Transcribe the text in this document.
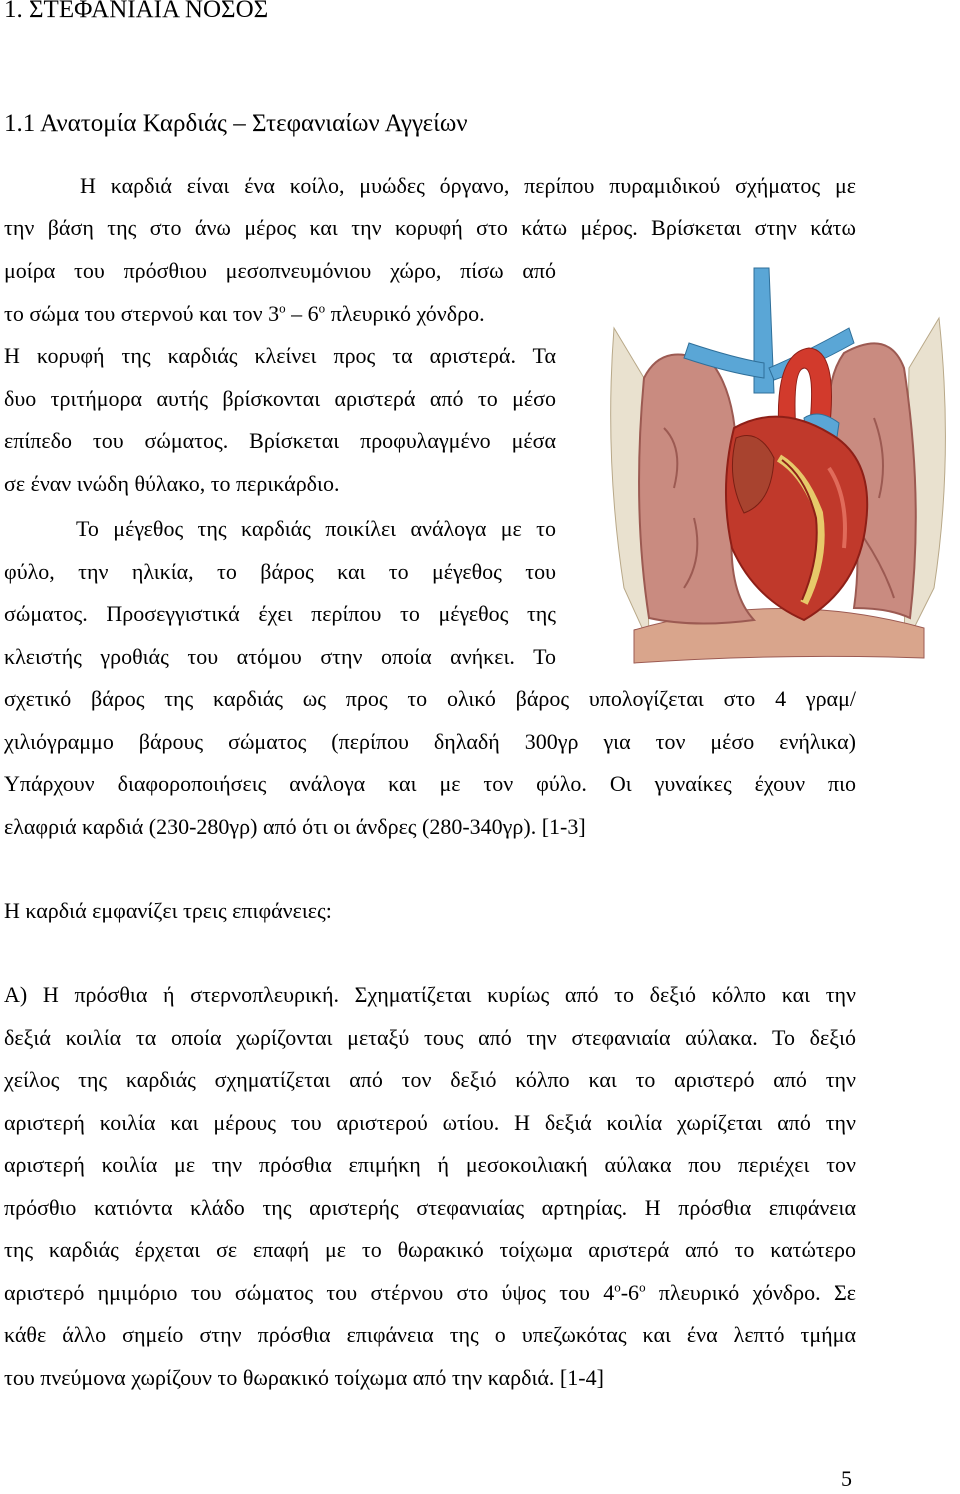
1. ΣΤΕΦΑΝΙΑΙΑ ΝΟΣΟΣ
1.1 Ανατομία Καρδιάς – Στεφανιαίων Αγγείων
Η καρδιά είναι ένα κοίλο, μυώδες όργανο, περίπου πυραμιδικού σχήματος με
την βάση της στο άνω μέρος και την κορυφή στο κάτω μέρος. Βρίσκεται στην κάτω
μοίρα του πρόσθιου μεσοπνευμόνιου χώρο, πίσω από
το σώμα του στερνού και τον $3^o - 6^o$ πλευρικό χόνδρο.
Η κορυφή της καρδιάς κλείνει προς τα αριστερά. Τα
δυο τριτήμορα αυτής βρίσκονται αριστερά από το μέσο
επίπεδο του σώματος. Βρίσκεται προφυλαγμένο μέσα
σε έναν ινώδη θύλακο, το περικάρδιο.
Το μέγεθος της καρδιάς ποικίλει ανάλογα με το
φύλο, την ηλικία, το βάρος και το μέγεθος του
σώματος. Προσεγγιστικά έχει περίπου το μέγεθος της
κλειστής γροθιάς του ατόμου στην οποία ανήκει. Το
σχετικό βάρος της καρδιάς ως προς το ολικό βάρος υπολογίζεται στο 4 γραμ/
χιλιόγραμμο βάρους σώματος (περίπου δηλαδή 300γρ για τον μέσο ενήλικα)
Υπάρχουν διαφοροποιήσεις ανάλογα και με τον φύλο. Οι γυναίκες έχουν πιο
ελαφριά καρδιά (230-280γρ) από ότι οι άνδρες (280-340γρ). [1-3]
Η καρδιά εμφανίζει τρεις επιφάνειες:
Α) Η πρόσθια ή στερνοπλευρική. Σχηματίζεται κυρίως από το δεξιό κόλπο και την
δεξιά κοιλία τα οποία χωρίζονται μεταξύ τους από την στεφανιαία αύλακα. Το δεξιό
χείλος της καρδιάς σχηματίζεται από τον δεξιό κόλπο και το αριστερό από την
αριστερή κοιλία και μέρους του αριστερού ωτίου. Η δεξιά κοιλία χωρίζεται από την
αριστερή κοιλία με την πρόσθια επιμήκη ή μεσοκοιλιακή αύλακα που περιέχει τον
πρόσθιο κατιόντα κλάδο της αριστερής στεφανιαίας αρτηρίας. Η πρόσθια επιφάνεια
της καρδιάς έρχεται σε επαφή με το θωρακικό τοίχωμα αριστερά από το κατώτερο
αριστερό ημιμόριο του σώματος του στέρνου στο ύψος του $4^o-6^o$ πλευρικό χόνδρο. Σε
κάθε άλλο σημείο στην πρόσθια επιφάνεια της ο υπεζωκότας και ένα λεπτό τμήμα
του πνεύμονα χωρίζουν το θωρακικό τοίχωμα από την καρδιά. [1-4]
5
